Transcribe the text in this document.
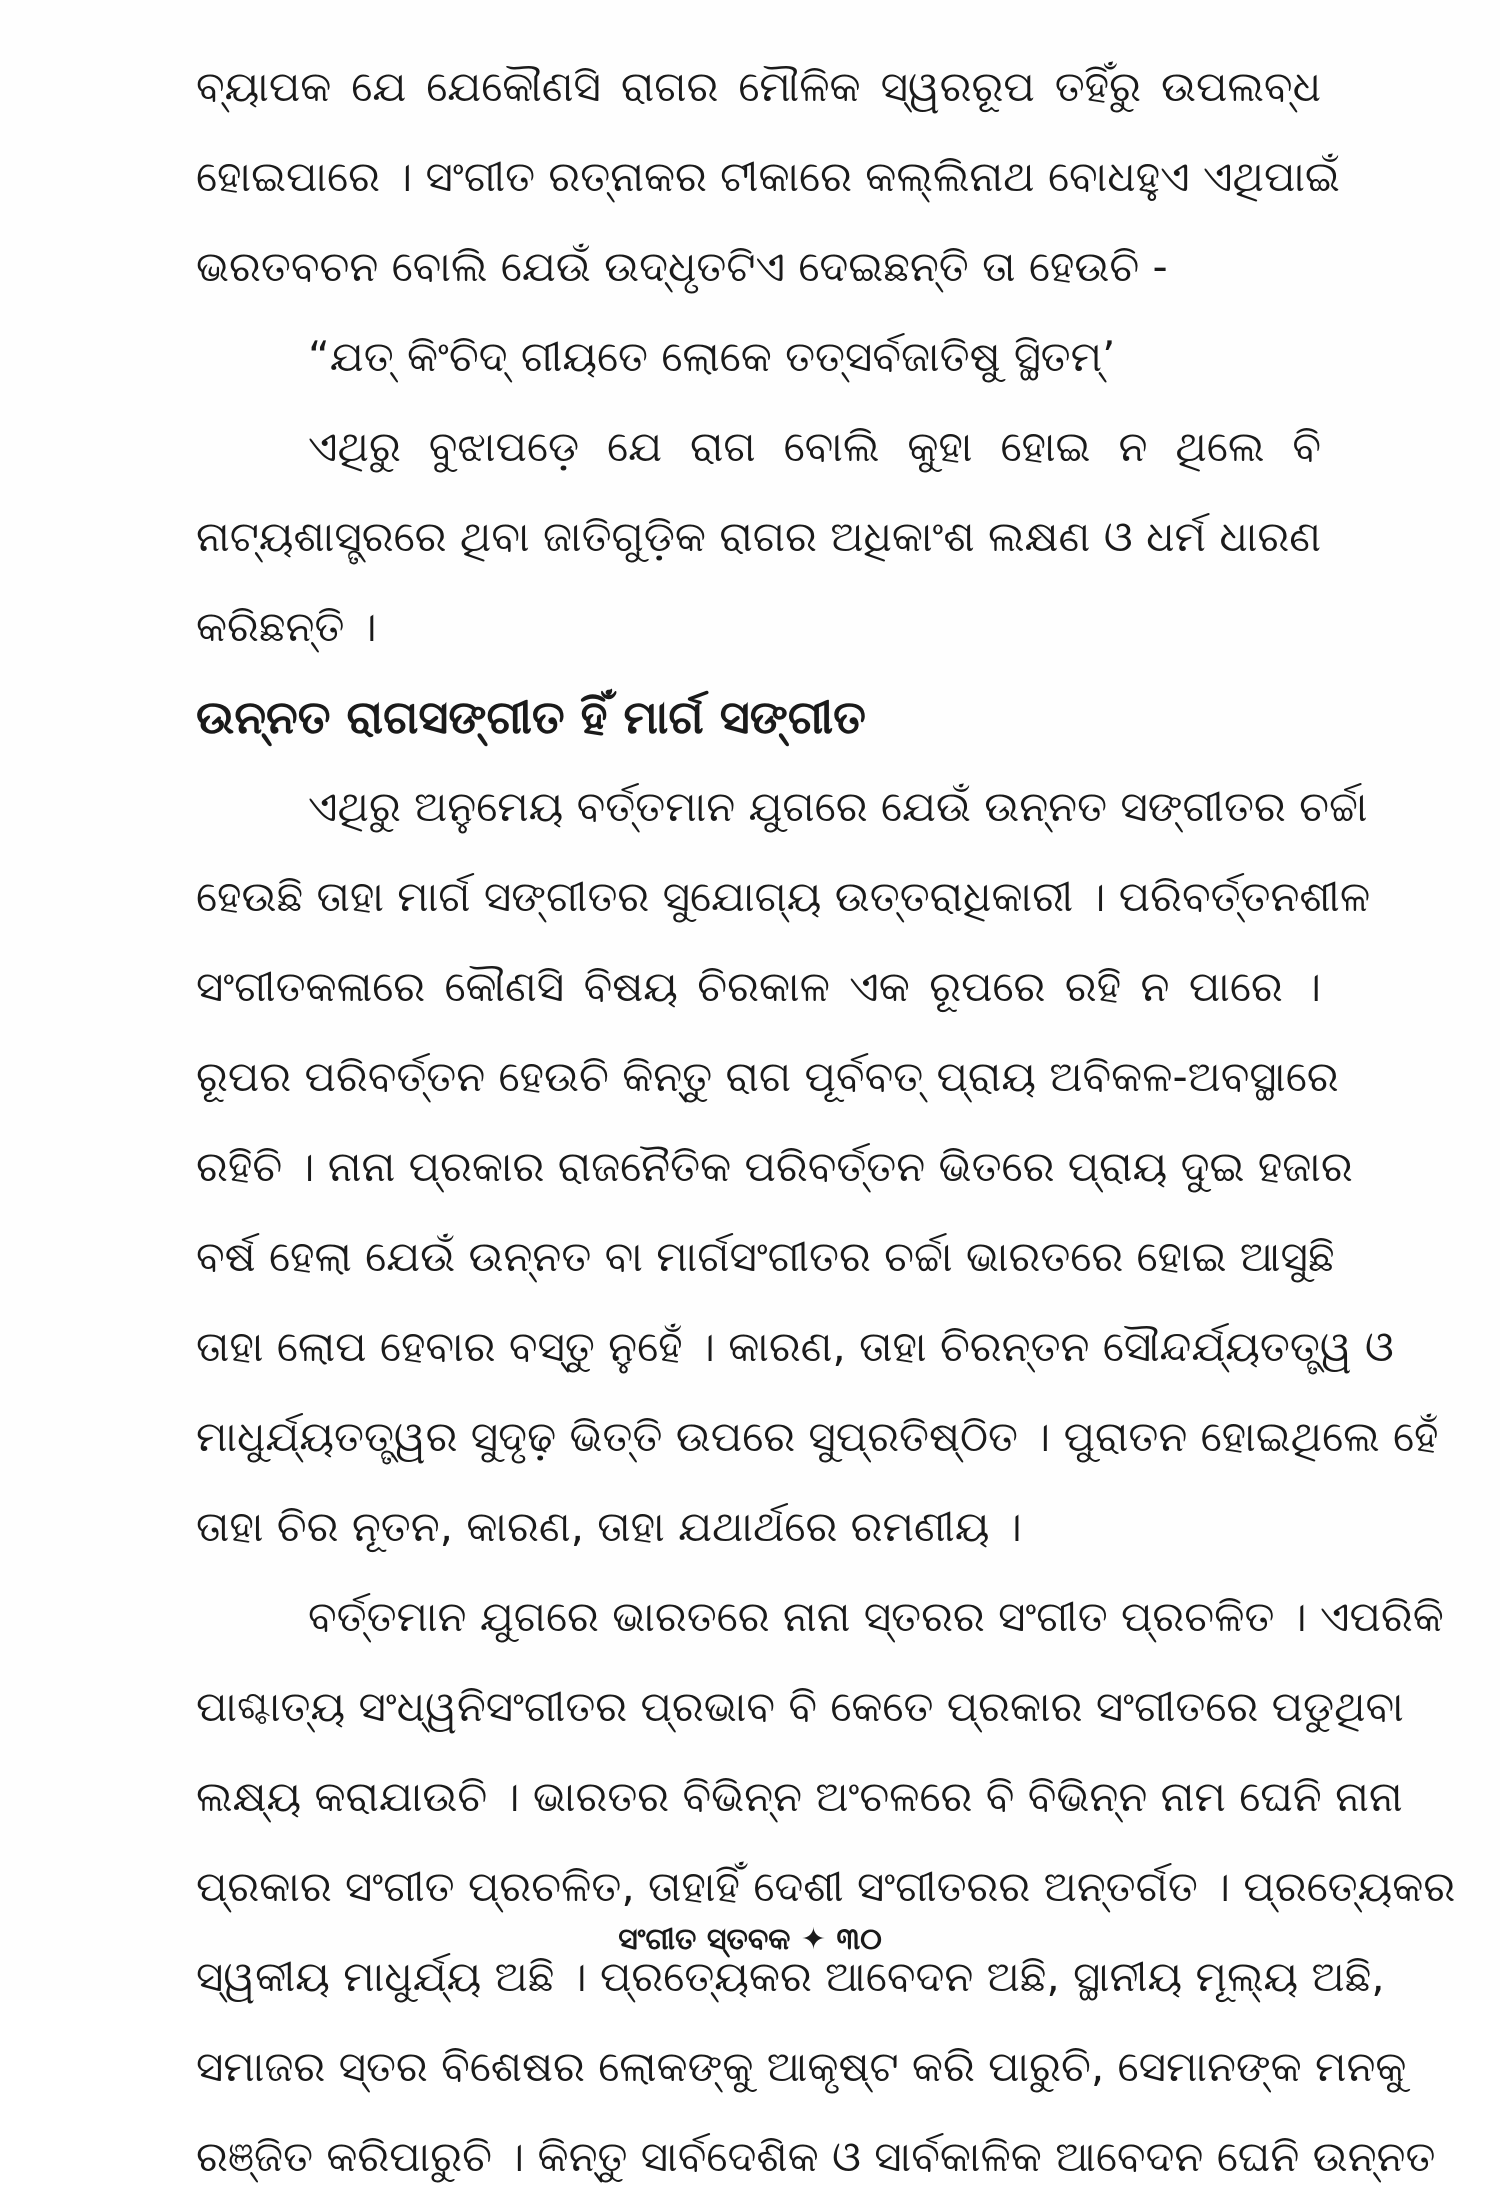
ବ୍ୟାପକ ଯେ ଯେକୌଣସି ରାଗର ମୌଳିକ ସ୍ୱରରୂପ ତହିଁରୁ ଉପଲବ୍ଧ
ହୋଇପାରେ । ସଂଗୀତ ରତ୍ନାକର ଟୀକାରେ କଲ୍ଲିନାଥ ବୋଧହୁଏ ଏଥିପାଇଁ
ଭରତବଚନ ବୋଲି ଯେଉଁ ଉଦ୍ଧୃତଟିଏ ଦେଇଛନ୍ତି ତା ହେଉଚି -
“ଯତ୍ କିଂଚିଦ୍ ଗୀୟତେ ଲୋକେ ତତ୍ସର୍ବଜାତିଷୁ ସ୍ଥିତମ୍’
ଏଥିରୁ ବୁଝାପଡ଼େ ଯେ ରାଗ ବୋଲି କୁହା ହୋଇ ନ ଥିଲେ ବି
ନାଟ୍ୟଶାସ୍ତ୍ରରେ ଥିବା ଜାତିଗୁଡ଼ିକ ରାଗର ଅଧିକାଂଶ ଲକ୍ଷଣ ଓ ଧର୍ମ ଧାରଣ
କରିଛନ୍ତି ।
ଉନ୍ନତ ରାଗସଙ୍ଗୀତ ହିଁ ମାର୍ଗ ସଙ୍ଗୀତ
ଏଥିରୁ ଅନୁମେୟ ବର୍ତ୍ତମାନ ଯୁଗରେ ଯେଉଁ ଉନ୍ନତ ସଙ୍ଗୀତର ଚର୍ଚ୍ଚା
ହେଉଛି ତାହା ମାର୍ଗ ସଙ୍ଗୀତର ସୁଯୋଗ୍ୟ ଉତ୍ତରାଧିକାରୀ । ପରିବର୍ତ୍ତନଶୀଳ
ସଂଗୀତକଳାରେ କୌଣସି ବିଷୟ ଚିରକାଳ ଏକ ରୂପରେ ରହି ନ ପାରେ ।
ରୂପର ପରିବର୍ତ୍ତନ ହେଉଚି କିନ୍ତୁ ରାଗ ପୂର୍ବବତ୍ ପ୍ରାୟ ଅବିକଳ-ଅବସ୍ଥାରେ
ରହିଚି । ନାନା ପ୍ରକାର ରାଜନୈତିକ ପରିବର୍ତ୍ତନ ଭିତରେ ପ୍ରାୟ ଦୁଇ ହଜାର
ବର୍ଷ ହେଲା ଯେଉଁ ଉନ୍ନତ ବା ମାର୍ଗସଂଗୀତର ଚର୍ଚ୍ଚା ଭାରତରେ ହୋଇ ଆସୁଛି
ତାହା ଲୋପ ହେବାର ବସ୍ତୁ ନୁହେଁ । କାରଣ, ତାହା ଚିରନ୍ତନ ସୌନ୍ଦର୍ଯ୍ୟତତ୍ତ୍ୱ ଓ
ମାଧୁର୍ଯ୍ୟତତ୍ତ୍ୱର ସୁଦୃଢ଼ ଭିତ୍ତି ଉପରେ ସୁପ୍ରତିଷ୍ଠିତ । ପୁରାତନ ହୋଇଥିଲେ ହେଁ
ତାହା ଚିର ନୂତନ, କାରଣ, ତାହା ଯଥାର୍ଥରେ ରମଣୀୟ ।
ବର୍ତ୍ତମାନ ଯୁଗରେ ଭାରତରେ ନାନା ସ୍ତରର ସଂଗୀତ ପ୍ରଚଳିତ । ଏପରିକି
ପାଶ୍ଚାତ୍ୟ ସଂଧ୍ୱନିସଂଗୀତର ପ୍ରଭାବ ବି କେତେ ପ୍ରକାର ସଂଗୀତରେ ପଡୁଥିବା
ଲକ୍ଷ୍ୟ କରାଯାଉଚି । ଭାରତର ବିଭିନ୍ନ ଅଂଚଳରେ ବି ବିଭିନ୍ନ ନାମ ଘେନି ନାନା
ପ୍ରକାର ସଂଗୀତ ପ୍ରଚଳିତ, ତାହାହିଁ ଦେଶୀ ସଂଗୀତରର ଅନ୍ତର୍ଗତ । ପ୍ରତ୍ୟେକର
ସ୍ୱକୀୟ ମାଧୁର୍ଯ୍ୟ ଅଛି । ପ୍ରତ୍ୟେକର ଆବେଦନ ଅଛି, ସ୍ଥାନୀୟ ମୂଲ୍ୟ ଅଛି,
ସମାଜର ସ୍ତର ବିଶେଷର ଲୋକଙ୍କୁ ଆକୃଷ୍ଟ କରି ପାରୁଚି, ସେମାନଙ୍କ ମନକୁ
ରଞ୍ଜିତ କରିପାରୁଚି । କିନ୍ତୁ ସାର୍ବଦେଶିକ ଓ ସାର୍ବକାଳିକ ଆବେଦନ ଘେନି ଉନ୍ନତ
ସଂଗୀତ ସ୍ତବକ ✦ ୩୦
